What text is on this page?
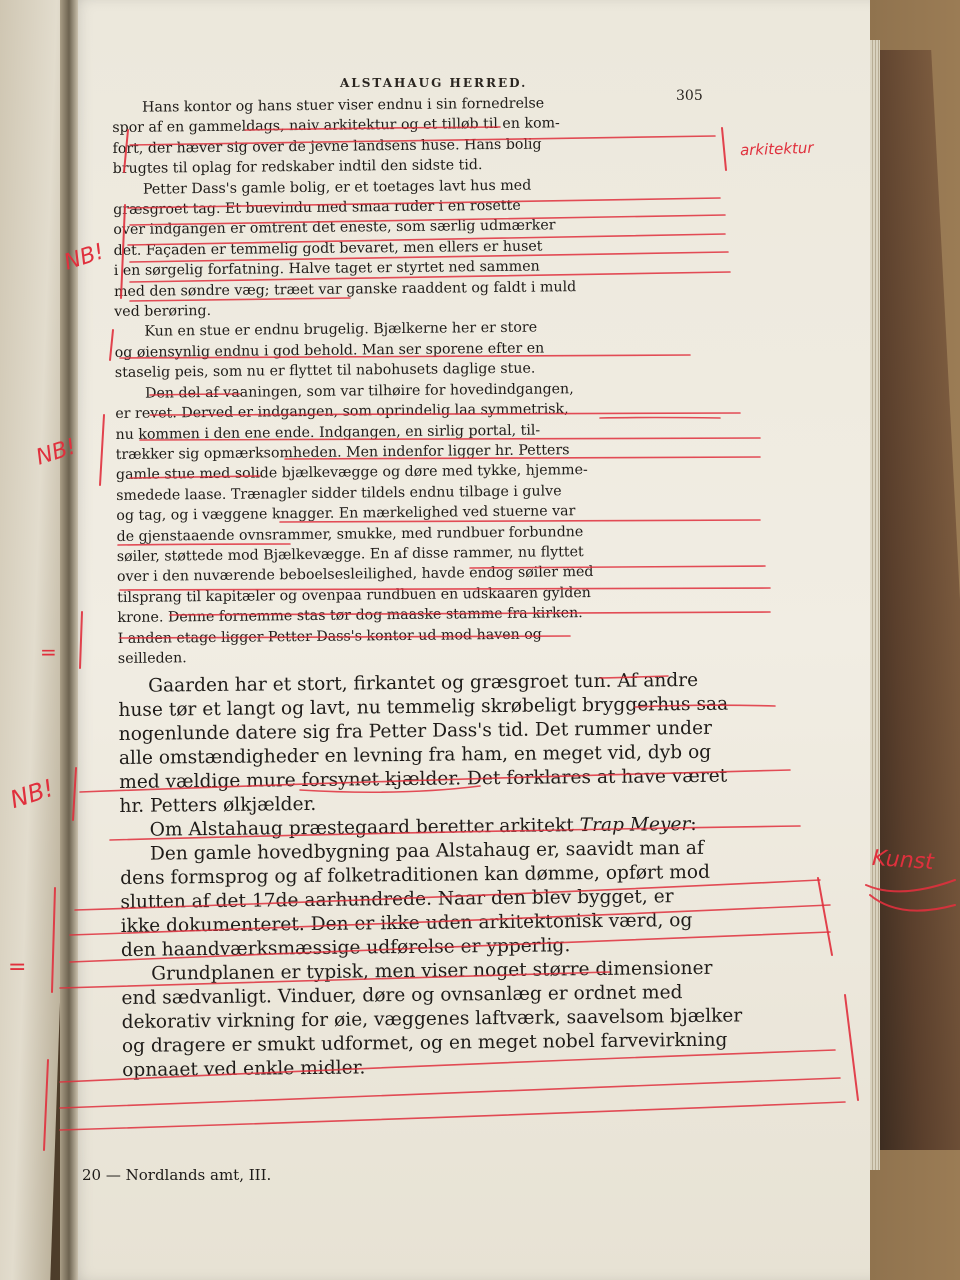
ALSTAHAUG HERRED.
305
Hans kontor og hans stuer viser endnu i sin fornedrelse
spor af en gammeldags, naiv arkitektur og et tilløb til en kom-
fort, der hæver sig over de jevne landsens huse. Hans bolig
brugtes til oplag for redskaber indtil den sidste tid.
Petter Dass's gamle bolig, er et toetages lavt hus med
græsgroet tag. Et buevindu med smaa ruder i en rosette
over indgangen er omtrent det eneste, som særlig udmærker
det. Façaden er temmelig godt bevaret, men ellers er huset
i en sørgelig forfatning. Halve taget er styrtet ned sammen
med den søndre væg; træet var ganske raaddent og faldt i muld
ved berøring.
Kun en stue er endnu brugelig. Bjælkerne her er store
og øiensynlig endnu i god behold. Man ser sporene efter en
staselig peis, som nu er flyttet til nabohusets daglige stue.
Den del af vaaningen, som var tilhøire for hovedindgangen,
er revet. Derved er indgangen, som oprindelig laa symmetrisk,
nu kommen i den ene ende. Indgangen, en sirlig portal, til-
trækker sig opmærksomheden. Men indenfor ligger hr. Petters
gamle stue med solide bjælkevægge og døre med tykke, hjemme-
smedede laase. Trænagler sidder tildels endnu tilbage i gulve
og tag, og i væggene knagger. En mærkelighed ved stuerne var
de gjenstaaende ovnsrammer, smukke, med rundbuer forbundne
søiler, støttede mod Bjælkevægge. En af disse rammer, nu flyttet
over i den nuværende beboelsesleilighed, havde endog søiler med
tilsprang til kapitæler og ovenpaa rundbuen en udskaaren gylden
krone. Denne fornemme stas tør dog maaske stamme fra kirken.
I anden etage ligger Petter Dass's kontor ud mod haven og
seilleden.
Gaarden har et stort, firkantet og græsgroet tun. Af andre
huse tør et langt og lavt, nu temmelig skrøbeligt bryggerhus saa
nogenlunde datere sig fra Petter Dass's tid. Det rummer under
alle omstændigheder en levning fra ham, en meget vid, dyb og
med vældige mure forsynet kjælder. Det forklares at have været
hr. Petters ølkjælder.
Om Alstahaug præstegaard beretter arkitekt Trap Meyer:
Den gamle hovedbygning paa Alstahaug er, saavidt man af
dens formsprog og af folketraditionen kan dømme, opført mod
slutten af det 17de aarhundrede. Naar den blev bygget, er
ikke dokumenteret. Den er ikke uden arkitektonisk værd, og
den haandværksmæssige udførelse er ypperlig.
Grundplanen er typisk, men viser noget større dimensioner
end sædvanligt. Vinduer, døre og ovnsanlæg er ordnet med
dekorativ virkning for øie, væggenes laftværk, saavelsom bjælker
og dragere er smukt udformet, og en meget nobel farvevirkning
opnaaet ved enkle midler.
20 — Nordlands amt, III.
NB!
NB!
=
NB!
=
arkitektur
Kunst
